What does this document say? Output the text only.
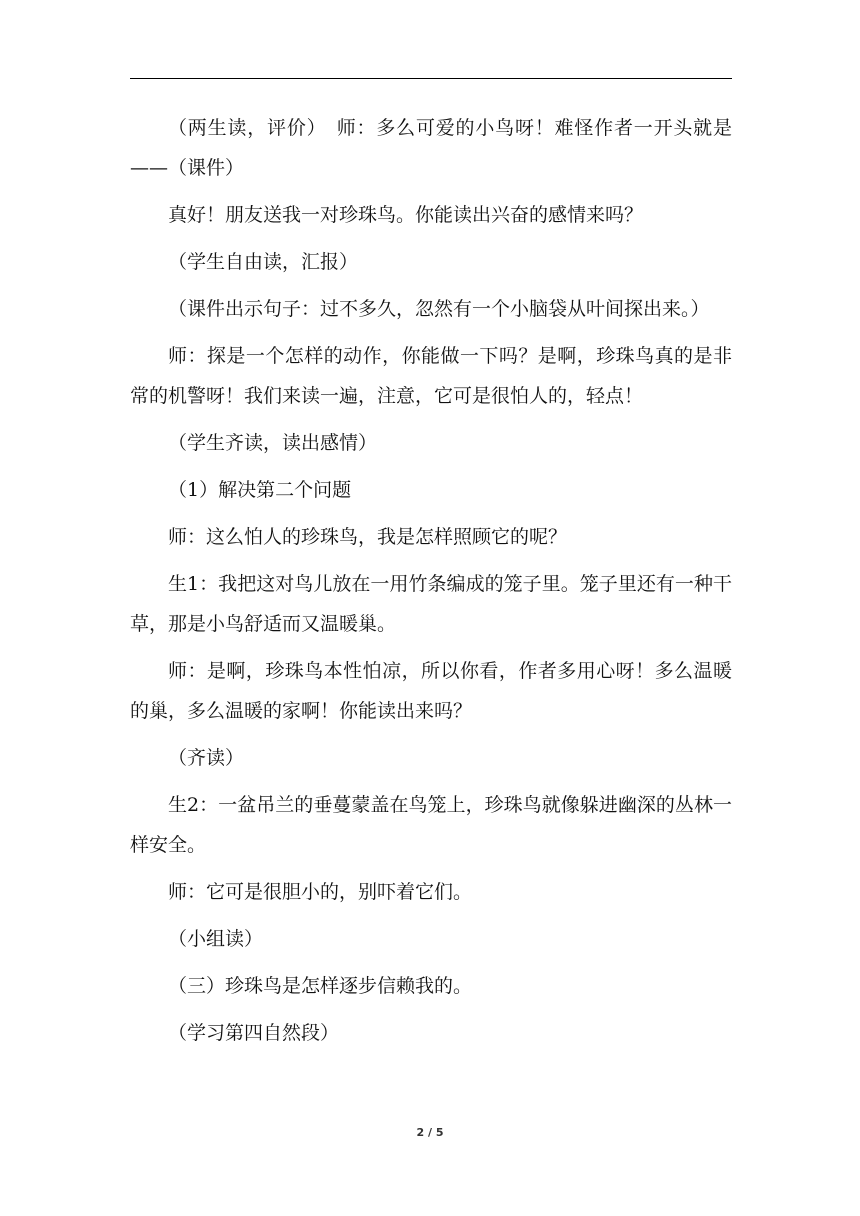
（两生读，评价）　师：多么可爱的小鸟呀！难怪作者一开头就是——（课件）

真好！朋友送我一对珍珠鸟。你能读出兴奋的感情来吗？

（学生自由读，汇报）

（课件出示句子：过不多久，忽然有一个小脑袋从叶间探出来。）

师：探是一个怎样的动作，你能做一下吗？是啊，珍珠鸟真的是非常的机警呀！我们来读一遍，注意，它可是很怕人的，轻点！

（学生齐读，读出感情）

（1）解决第二个问题

师：这么怕人的珍珠鸟，我是怎样照顾它的呢？

生1：我把这对鸟儿放在一用竹条编成的笼子里。笼子里还有一种干草，那是小鸟舒适而又温暖巢。

师：是啊，珍珠鸟本性怕凉，所以你看，作者多用心呀！多么温暖的巢，多么温暖的家啊！你能读出来吗？

（齐读）

生2：一盆吊兰的垂蔓蒙盖在鸟笼上，珍珠鸟就像躲进幽深的丛林一样安全。

师：它可是很胆小的，别吓着它们。

（小组读）

（三）珍珠鸟是怎样逐步信赖我的。

（学习第四自然段）

2 / 5
